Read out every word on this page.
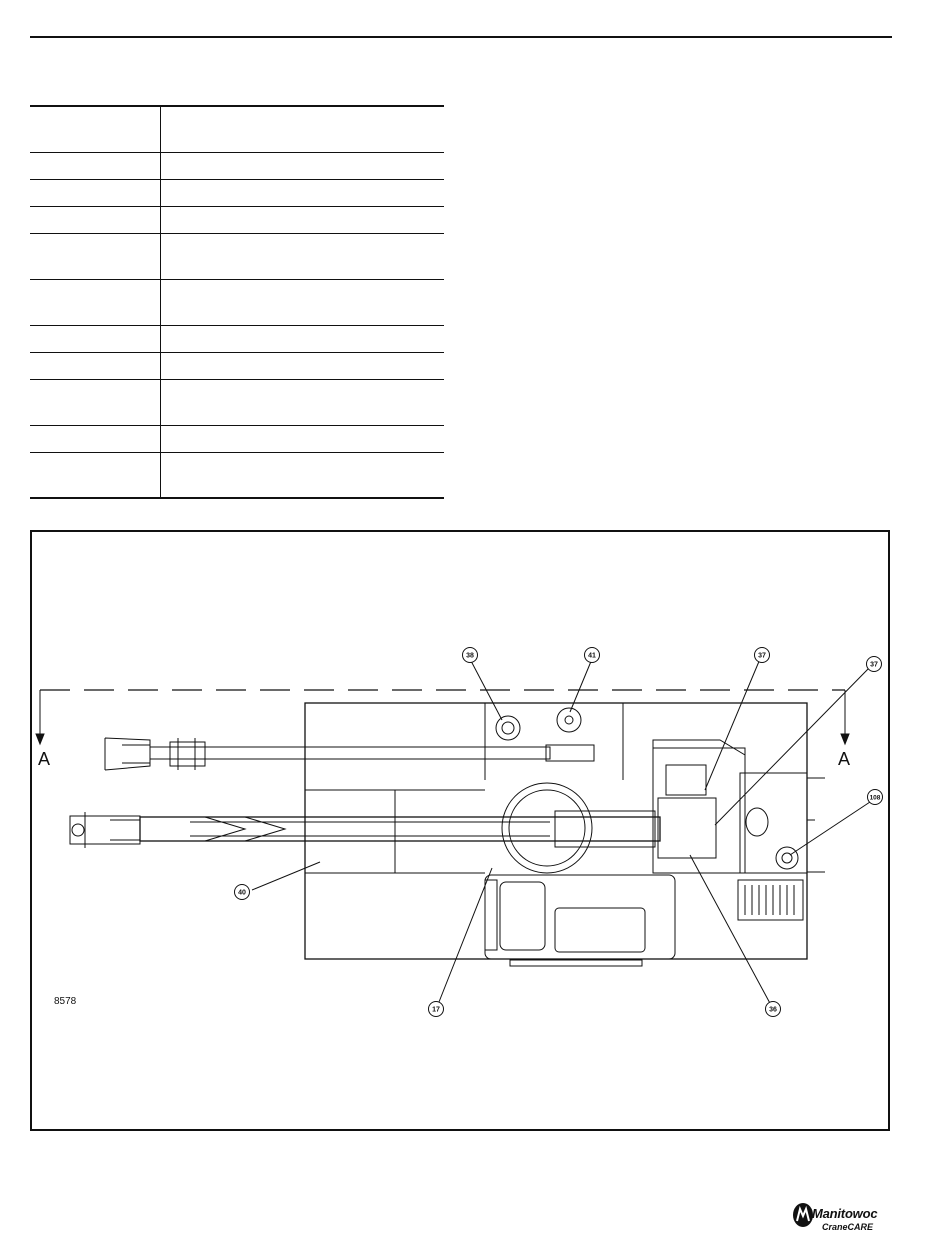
A	A
38	41	37
37
108
40
17	36
8578
Manitowoc
CraneCARE
